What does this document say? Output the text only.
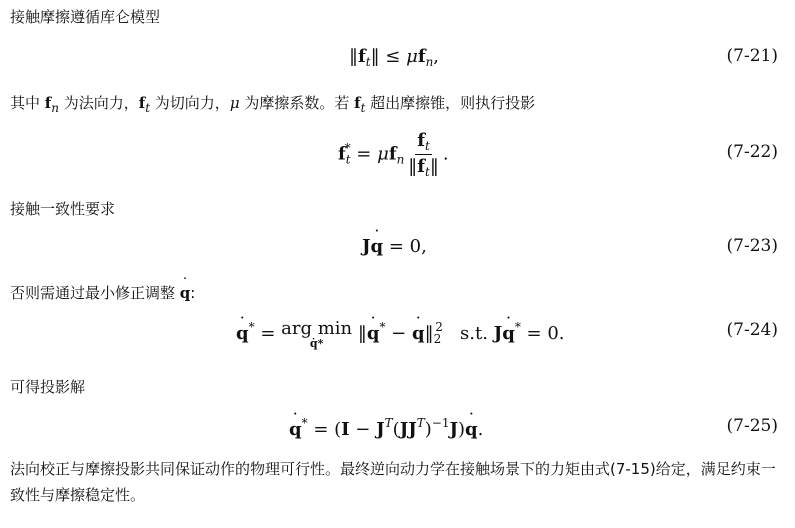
接触摩擦遵循库仑模型
$‖f_t‖ \le \mu f_n$,	(7-21)
其中 $f_n$ 为法向力，$f_t$ 为切向力，μ 为摩擦系数。若 $f_t$ 超出摩擦锥，则执行投影
$f_t^* = \mu f_n \frac{f_t}{‖f_t‖}$ .	(7-22)
接触一致性要求
J˙ q = 0,	(7-23)
否则需通过最小修正调整 ˙ q:
˙ q* = arg min
q̇* ‖˙ q* − ˙ $q‖_2^2$ s.t. J˙ q* = 0.	(7-24)
可得投影解
˙ $q^* = (I - J^T(JJ^T)^{-1}J)˙$ q.	(7-25)
法向校正与摩擦投影共同保证动作的物理可行性。最终逆向动力学在接触场景下的力矩由式(7-15)给定，满足约束一致性与摩擦稳定性。
